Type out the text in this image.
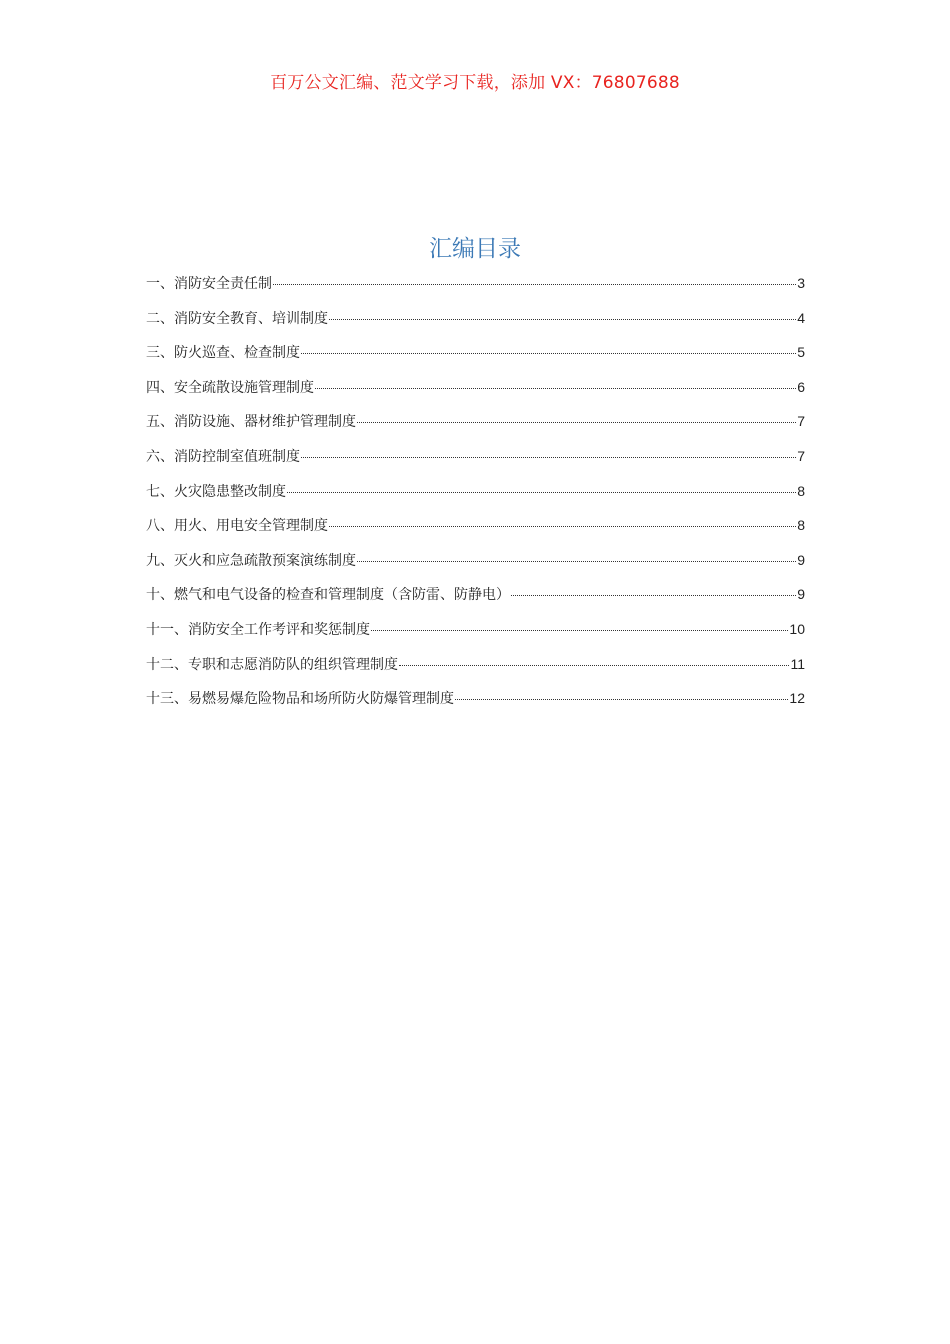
百万公文汇编、范文学习下载，添加 VX：76807688
汇编目录
一、消防安全责任制	3
二、消防安全教育、培训制度	4
三、防火巡查、检查制度	5
四、安全疏散设施管理制度	6
五、消防设施、器材维护管理制度	7
六、消防控制室值班制度	7
七、火灾隐患整改制度	8
八、用火、用电安全管理制度	8
九、灭火和应急疏散预案演练制度	9
十、燃气和电气设备的检查和管理制度（含防雷、防静电）	9
十一、消防安全工作考评和奖惩制度	10
十二、专职和志愿消防队的组织管理制度	11
十三、易燃易爆危险物品和场所防火防爆管理制度	12
